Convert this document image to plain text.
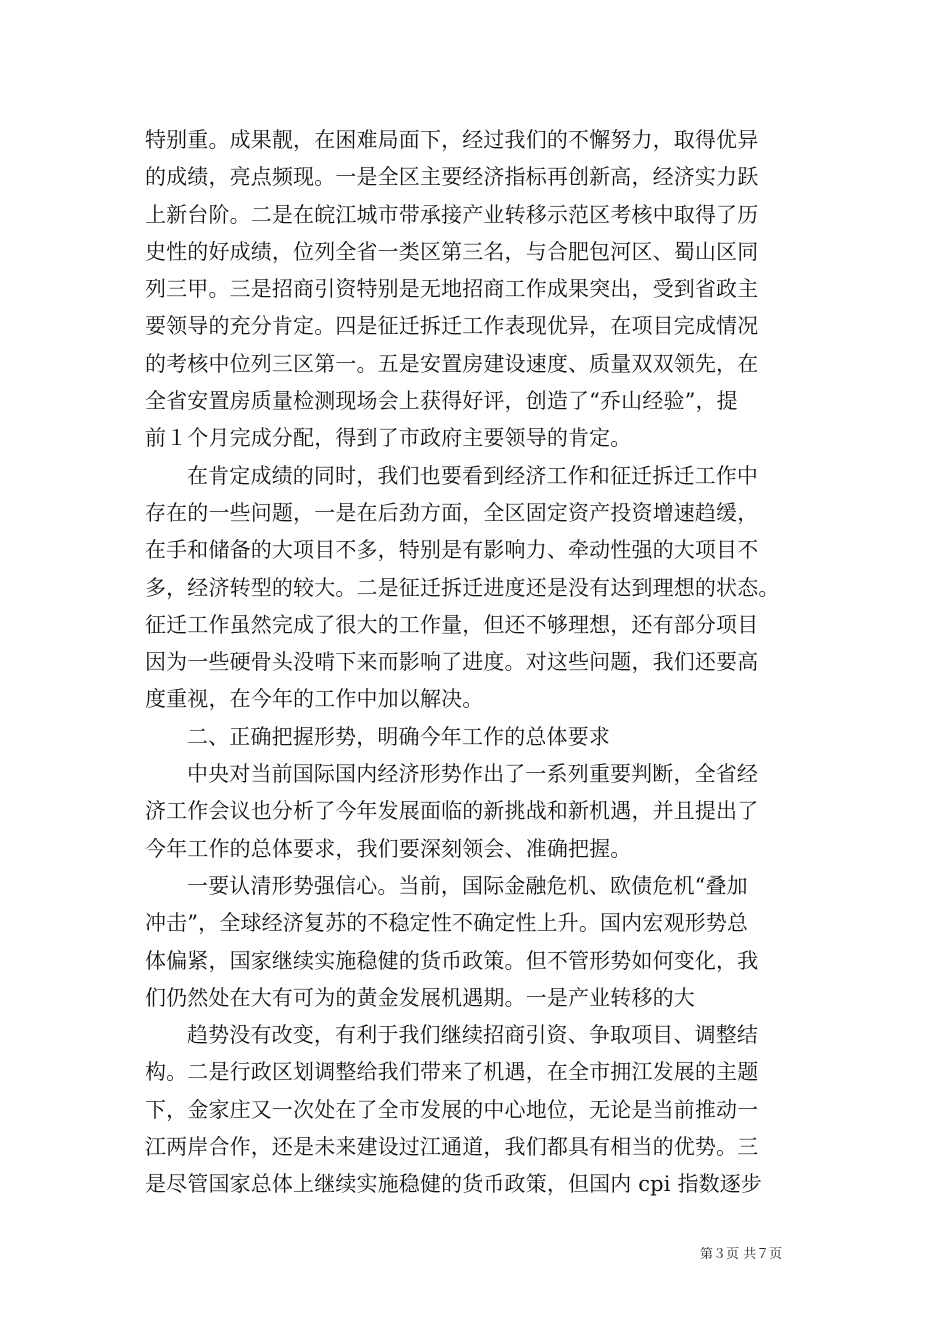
特别重。成果靓，在困难局面下，经过我们的不懈努力，取得优异
的成绩，亮点频现。一是全区主要经济指标再创新高，经济实力跃
上新台阶。二是在皖江城市带承接产业转移示范区考核中取得了历
史性的好成绩，位列全省一类区第三名，与合肥包河区、蜀山区同
列三甲。三是招商引资特别是无地招商工作成果突出，受到省政主
要领导的充分肯定。四是征迁拆迁工作表现优异，在项目完成情况
的考核中位列三区第一。五是安置房建设速度、质量双双领先，在
全省安置房质量检测现场会上获得好评，创造了“乔山经验”，提
前１个月完成分配，得到了市政府主要领导的肯定。
在肯定成绩的同时，我们也要看到经济工作和征迁拆迁工作中
存在的一些问题，一是在后劲方面，全区固定资产投资增速趋缓，
在手和储备的大项目不多，特别是有影响力、牵动性强的大项目不
多，经济转型的较大。二是征迁拆迁进度还是没有达到理想的状态。
征迁工作虽然完成了很大的工作量，但还不够理想，还有部分项目
因为一些硬骨头没啃下来而影响了进度。对这些问题，我们还要高
度重视，在今年的工作中加以解决。
二、正确把握形势，明确今年工作的总体要求
中央对当前国际国内经济形势作出了一系列重要判断，全省经
济工作会议也分析了今年发展面临的新挑战和新机遇，并且提出了
今年工作的总体要求，我们要深刻领会、准确把握。
一要认清形势强信心。当前，国际金融危机、欧债危机“叠加
冲击”，全球经济复苏的不稳定性不确定性上升。国内宏观形势总
体偏紧，国家继续实施稳健的货币政策。但不管形势如何变化，我
们仍然处在大有可为的黄金发展机遇期。一是产业转移的大
趋势没有改变，有利于我们继续招商引资、争取项目、调整结
构。二是行政区划调整给我们带来了机遇，在全市拥江发展的主题
下，金家庄又一次处在了全市发展的中心地位，无论是当前推动一
江两岸合作，还是未来建设过江通道，我们都具有相当的优势。三
是尽管国家总体上继续实施稳健的货币政策，但国内 cpi 指数逐步
第３页 共７页
